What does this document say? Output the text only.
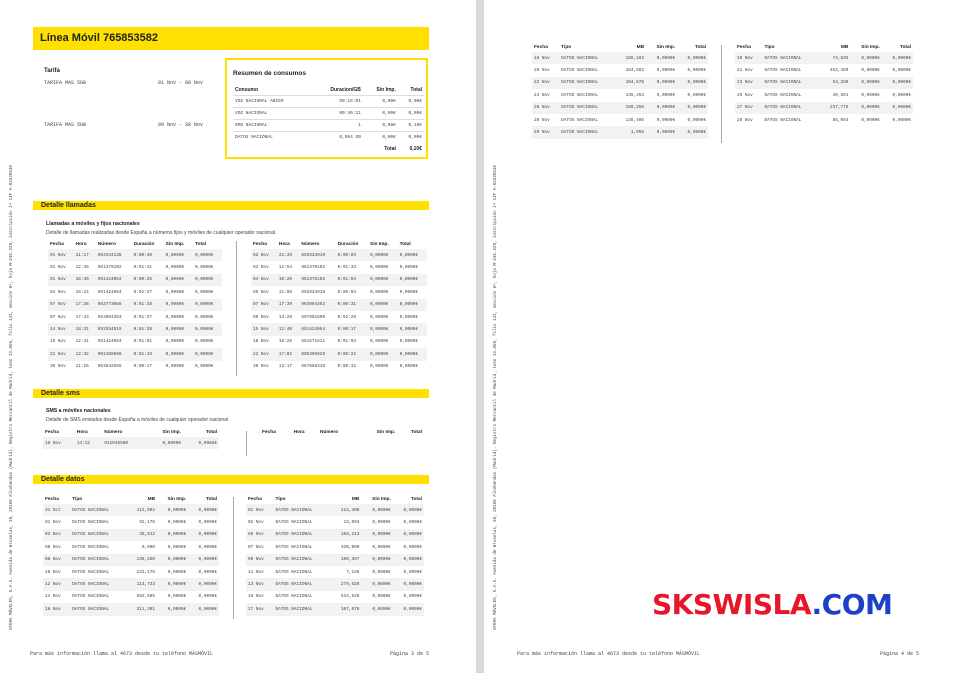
XFERA MÓVILES, S.A.U. Avenida de Bruselas, 38, 28108 Alcobendas (Madrid). Registro Mercantil de Madrid, tomo 14.859, folio 141, sección 8ª, hoja M-246.229, inscripción 1ª CIF A-82528548
Línea Móvil 765853582
Tarifa
TARIFA MAS 5GB	01 Nov - 08 Nov
TARIFA MAS 5GB	09 Nov - 30 Nov
Resumen de consumos
Consumo	Duracion/GB	Sin Imp.	Total
VOZ NACIONAL ABIER	00:15:01	0,00€	0,00€
VOZ NACIONAL	00:40:21	0,00€	0,00€
SMS NACIONAL	1	0,08€	0,10€
DATOS NACIONAL	0,084 GB	0,00€	0,00€
		Total	0,10€
Detalle llamadas
Llamadas a móviles y fijos nacionales
Detalle de llamadas realizadas desde España a números fijos y móviles de cualquier operador nacional.
Fecha	Hora	Número	Duración	Sin Imp.	Total
01 Nov	11:17	963344136	0:00:40	0,0000€	0,0000€
01 Nov	12:45	961370102	0:01:31	0,0000€	0,0000€
01 Nov	18:40	961424064	0:00:25	0,0000€	0,0000€
04 Nov	16:24	961424064	0:02:37	0,0000€	0,0000€
07 Nov	17:38	963773068	0:01:38	0,0000€	0,0000€
07 Nov	17:43	963904363	0:01:37	0,0000€	0,0000€
14 Nov	18:31	692934919	0:01:38	0,0000€	0,0000€
15 Nov	12:41	961424064	0:01:01	0,0000€	0,0000€
21 Nov	12:32	961388606	0:01:43	0,0000€	0,0000€
30 Nov	11:26	963642685	0:00:17	0,0000€	0,0000€
Fecha	Hora	Número	Duración	Sin Imp.	Total
02 Nov	21:33	692934919	0:00:03	0,0000€	0,0000€
03 Nov	12:54	961370102	0:01:33	0,0000€	0,0000€
04 Nov	10:20	961370102	0:01:04	0,0000€	0,0000€
05 Nov	11:08	692934919	0:00:04	0,0000€	0,0000€
07 Nov	17:39	963904363	0:00:31	0,0000€	0,0000€
09 Nov	13:29	607981590	0:02:29	0,0000€	0,0000€
15 Nov	12:40	691424064	0:00:17	0,0000€	0,0000€
16 Nov	18:26	661571511	0:01:04	0,0000€	0,0000€
22 Nov	17:02	605395629	0:00:22	0,0000€	0,0000€
30 Nov	13:17	667866310	0:00:32	0,0000€	0,0000€
Detalle sms
SMS a móviles nacionales
Detalle de SMS enviados desde España a móviles de cualquier operador nacional
Fecha	Hora	Número	Sin Imp.	Total
18 Nov	14:12	912048500	0,0800€	0,0968€
Fecha	Hora	Número	Sin Imp.	Total
Detalle datos
Fecha	Tipo	MB	Sin Imp.	Total
31 Oct	DATOS NACIONAL	112,902	0,0000€	0,0000€
01 Nov	DATOS NACIONAL	92,170	0,0000€	0,0000€
03 Nov	DATOS NACIONAL	36,912	0,0000€	0,0000€
06 Nov	DATOS NACIONAL	0,000	0,0000€	0,0000€
08 Nov	DATOS NACIONAL	136,250	0,0000€	0,0000€
10 Nov	DATOS NACIONAL	231,170	0,0000€	0,0000€
12 Nov	DATOS NACIONAL	114,733	0,0000€	0,0000€
14 Nov	DATOS NACIONAL	592,595	0,0000€	0,0000€
16 Nov	DATOS NACIONAL	311,301	0,0000€	0,0000€
Fecha	Tipo	MB	Sin Imp.	Total
01 Nov	DATOS NACIONAL	224,408	0,0000€	0,0000€
02 Nov	DATOS NACIONAL	13,094	0,0000€	0,0000€
05 Nov	DATOS NACIONAL	108,213	0,0000€	0,0000€
07 Nov	DATOS NACIONAL	330,000	0,0000€	0,0000€
09 Nov	DATOS NACIONAL	106,397	0,0000€	0,0000€
11 Nov	DATOS NACIONAL	7,238	0,0000€	0,0000€
13 Nov	DATOS NACIONAL	279,520	0,0000€	0,0000€
15 Nov	DATOS NACIONAL	534,529	0,0000€	0,0000€
17 Nov	DATOS NACIONAL	107,678	0,0000€	0,0000€
Para más información llama al 4673 desde tu teléfono MÁSMÓVIL	Página 3 de 5
XFERA MÓVILES, S.A.U. Avenida de Bruselas, 38, 28108 Alcobendas (Madrid). Registro Mercantil de Madrid, tomo 14.859, folio 141, sección 8ª, hoja M-246.229, inscripción 1ª CIF A-82528548
Fecha	Tipo	MB	Sin Imp.	Total
18 Nov	DATOS NACIONAL	108,162	0,0000€	0,0000€
20 Nov	DATOS NACIONAL	164,682	0,0000€	0,0000€
22 Nov	DATOS NACIONAL	104,870	0,0000€	0,0000€
24 Nov	DATOS NACIONAL	135,453	0,0000€	0,0000€
26 Nov	DATOS NACIONAL	189,255	0,0000€	0,0000€
28 Nov	DATOS NACIONAL	138,405	0,0000€	0,0000€
29 Nov	DATOS NACIONAL	1,056	0,0000€	0,0000€
Fecha	Tipo	MB	Sin Imp.	Total
19 Nov	DATOS NACIONAL	74,635	0,0000€	0,0000€
21 Nov	DATOS NACIONAL	452,469	0,0000€	0,0000€
23 Nov	DATOS NACIONAL	54,289	0,0000€	0,0000€
25 Nov	DATOS NACIONAL	40,891	0,0000€	0,0000€
27 Nov	DATOS NACIONAL	237,778	0,0000€	0,0000€
28 Nov	DATOS NACIONAL	85,054	0,0000€	0,0000€
Para más información llama al 4673 desde tu teléfono MÁSMÓVIL	Página 4 de 5
SKSWISLA.COM
